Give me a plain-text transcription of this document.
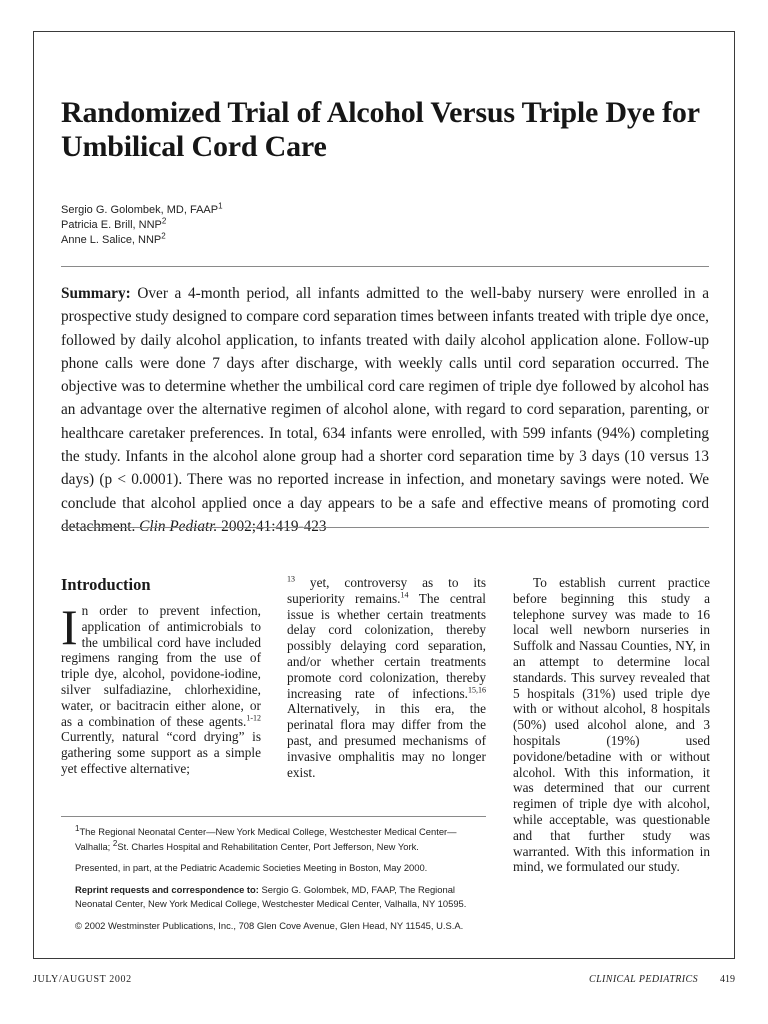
Randomized Trial of Alcohol Versus Triple Dye for Umbilical Cord Care
Sergio G. Golombek, MD, FAAP$^1$
Patricia E. Brill, NNP$^2$
Anne L. Salice, NNP$^2$

Summary: Over a 4-month period, all infants admitted to the well-baby nursery were enrolled in a prospective study designed to compare cord separation times between infants treated with triple dye once, followed by daily alcohol application, to infants treated with daily alcohol application alone. Follow-up phone calls were done 7 days after discharge, with weekly calls until cord separation occurred. The objective was to determine whether the umbilical cord care regimen of triple dye followed by alcohol has an advantage over the alternative regimen of alcohol alone, with regard to cord separation, parenting, or healthcare caretaker preferences. In total, 634 infants were enrolled, with 599 infants (94%) completing the study. Infants in the alcohol alone group had a shorter cord separation time by 3 days (10 versus 13 days) (p < 0.0001). There was no reported increase in infection, and monetary savings were noted. We conclude that alcohol applied once a day appears to be a safe and effective means of promoting cord detachment. Clin Pediatr. 2002;41:419-423

Introduction

In order to prevent infection, application of antimicrobials to the umbilical cord have included regimens ranging from the use of triple dye, alcohol, povidone-iodine, silver sulfadiazine, chlorhexidine, water, or bacitracin either alone, or as a combination of these agents.$^{1-12}$ Currently, natural “cord drying” is gathering some support as a simple yet effective alternative;

$^{13}$ yet, controversy as to its superiority remains.$^{14}$ The central issue is whether certain treatments delay cord colonization, thereby possibly delaying cord separation, and/or whether certain treatments promote cord colonization, thereby increasing rate of infections.$^{15,16}$ Alternatively, in this era, the perinatal flora may differ from the past, and presumed mechanisms of invasive omphalitis may no longer exist.

To establish current practice before beginning this study a telephone survey was made to 16 local well newborn nurseries in Suffolk and Nassau Counties, NY, in an attempt to determine local standards. This survey revealed that 5 hospitals (31%) used triple dye with or without alcohol, 8 hospitals (50%) used alcohol alone, and 3 hospitals (19%) used povidone/betadine with or without alcohol. With this information, it was determined that our current regimen of triple dye with alcohol, while acceptable, was questionable and that further study was warranted. With this information in mind, we formulated our study.

$^1$The Regional Neonatal Center—New York Medical College, Westchester Medical Center—Valhalla; $^2$St. Charles Hospital and Rehabilitation Center, Port Jefferson, New York.

Presented, in part, at the Pediatric Academic Societies Meeting in Boston, May 2000.

Reprint requests and correspondence to: Sergio G. Golombek, MD, FAAP, The Regional Neonatal Center, New York Medical College, Westchester Medical Center, Valhalla, NY 10595.

© 2002 Westminster Publications, Inc., 708 Glen Cove Avenue, Glen Head, NY 11545, U.S.A.

JULY/AUGUST 2002	CLINICAL PEDIATRICS 419
